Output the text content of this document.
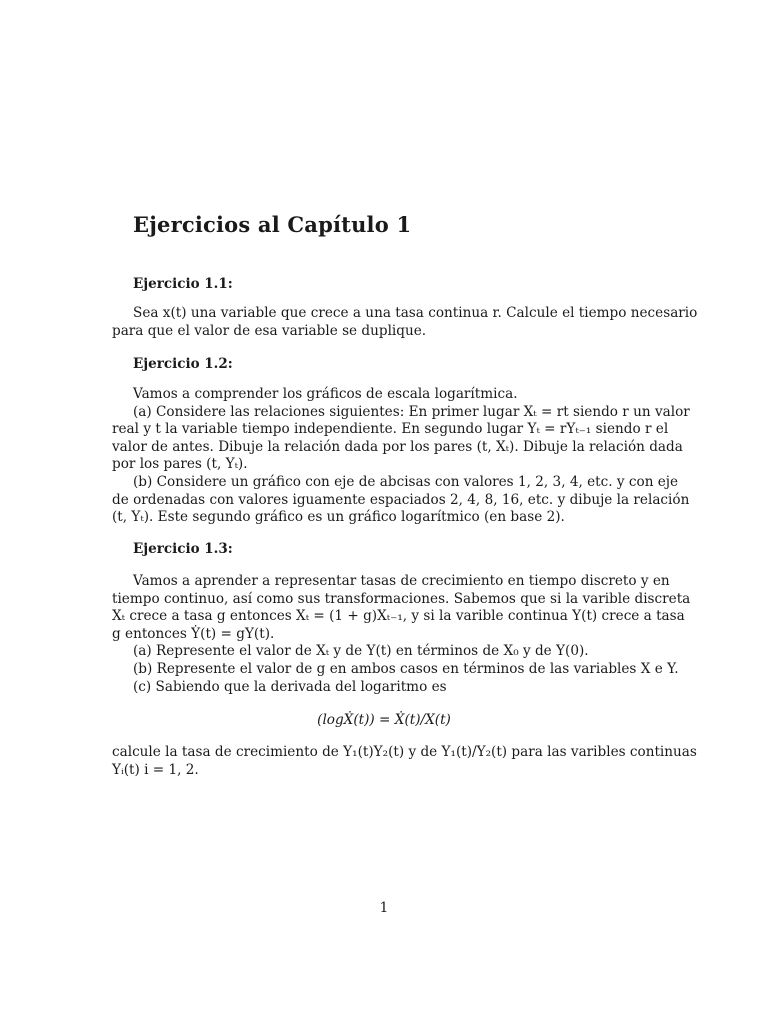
Ejercicios al Capítulo 1
Ejercicio 1.1:
Sea x(t) una variable que crece a una tasa continua r. Calcule el tiempo necesario
para que el valor de esa variable se duplique.
Ejercicio 1.2:
Vamos a comprender los gráficos de escala logarítmica.
(a) Considere las relaciones siguientes: En primer lugar Xₜ = rt siendo r un valor
real y t la variable tiempo independiente. En segundo lugar Yₜ = rYₜ₋₁ siendo r el
valor de antes. Dibuje la relación dada por los pares (t, Xₜ). Dibuje la relación dada
por los pares (t, Yₜ).
(b) Considere un gráfico con eje de abcisas con valores 1, 2, 3, 4, etc. y con eje
de ordenadas con valores iguamente espaciados 2, 4, 8, 16, etc. y dibuje la relación
(t, Yₜ). Este segundo gráfico es un gráfico logarítmico (en base 2).
Ejercicio 1.3:
Vamos a aprender a representar tasas de crecimiento en tiempo discreto y en
tiempo continuo, así como sus transformaciones. Sabemos que si la varible discreta
Xₜ crece a tasa g entonces Xₜ = (1 + g)Xₜ₋₁, y si la varible continua Y(t) crece a tasa
g entonces Ẏ(t) = gY(t).
(a) Represente el valor de Xₜ y de Y(t) en términos de X₀ y de Y(0).
(b) Represente el valor de g en ambos casos en términos de las variables X e Y.
(c) Sabiendo que la derivada del logaritmo es
(logẊ(t)) = Ẋ(t)/X(t)
calcule la tasa de crecimiento de Y₁(t)Y₂(t) y de Y₁(t)/Y₂(t) para las varibles continuas
Yᵢ(t) i = 1, 2.
1
